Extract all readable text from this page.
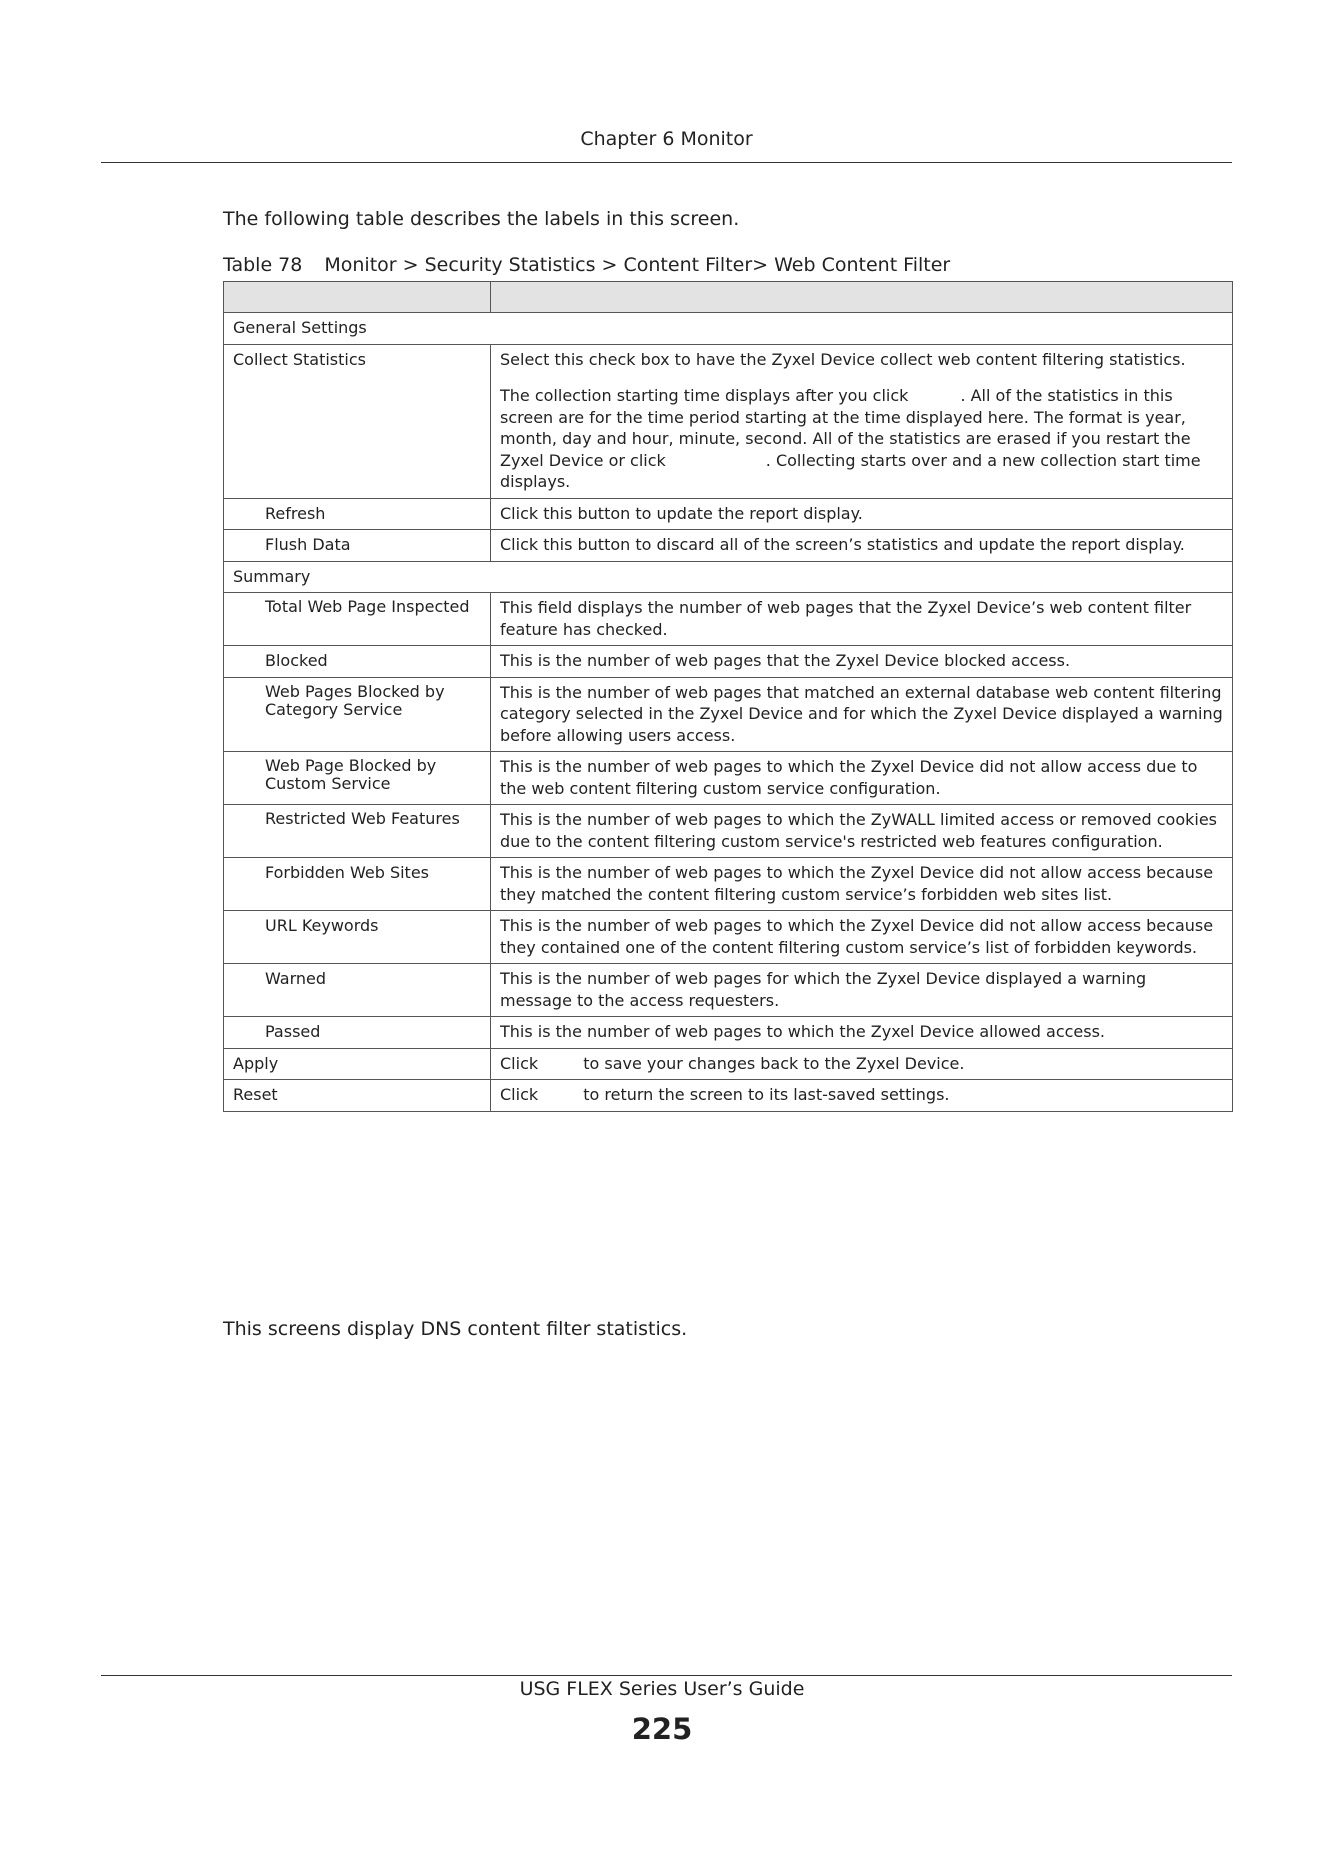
Chapter 6 Monitor

The following table describes the labels in this screen.

Table 78 Monitor > Security Statistics > Content Filter> Web Content Filter

General Settings	
Collect Statistics	Select this check box to have the Zyxel Device collect web content filtering statistics.

The collection starting time displays after you click . All of the statistics in this screen are for the time period starting at the time displayed here. The format is year, month, day and hour, minute, second. All of the statistics are erased if you restart the Zyxel Device or click . Collecting starts over and a new collection start time displays.

Refresh	Click this button to update the report display.
Flush Data	Click this button to discard all of the screen’s statistics and update the report display.
Summary	

Total Web Page Inspected	This field displays the number of web pages that the Zyxel Device’s web content filter feature has checked.
Blocked	This is the number of web pages that the Zyxel Device blocked access.

Web Pages Blocked by Category Service	This is the number of web pages that matched an external database web content filtering category selected in the Zyxel Device and for which the Zyxel Device displayed a warning before allowing users access.

Web Page Blocked by Custom Service	This is the number of web pages to which the Zyxel Device did not allow access due to the web content filtering custom service configuration.

Restricted Web Features	This is the number of web pages to which the ZyWALL limited access or removed cookies due to the content filtering custom service's restricted web features configuration.
Forbidden Web Sites	This is the number of web pages to which the Zyxel Device did not allow access because they matched the content filtering custom service’s forbidden web sites list.
URL Keywords	This is the number of web pages to which the Zyxel Device did not allow access because they contained one of the content filtering custom service’s list of forbidden keywords.
Warned	This is the number of web pages for which the Zyxel Device displayed a warning message to the access requesters.
Passed	This is the number of web pages to which the Zyxel Device allowed access.
Apply	Click to save your changes back to the Zyxel Device.
Reset	Click to return the screen to its last-saved settings.

This screens display DNS content filter statistics.

USG FLEX Series User’s Guide
225
